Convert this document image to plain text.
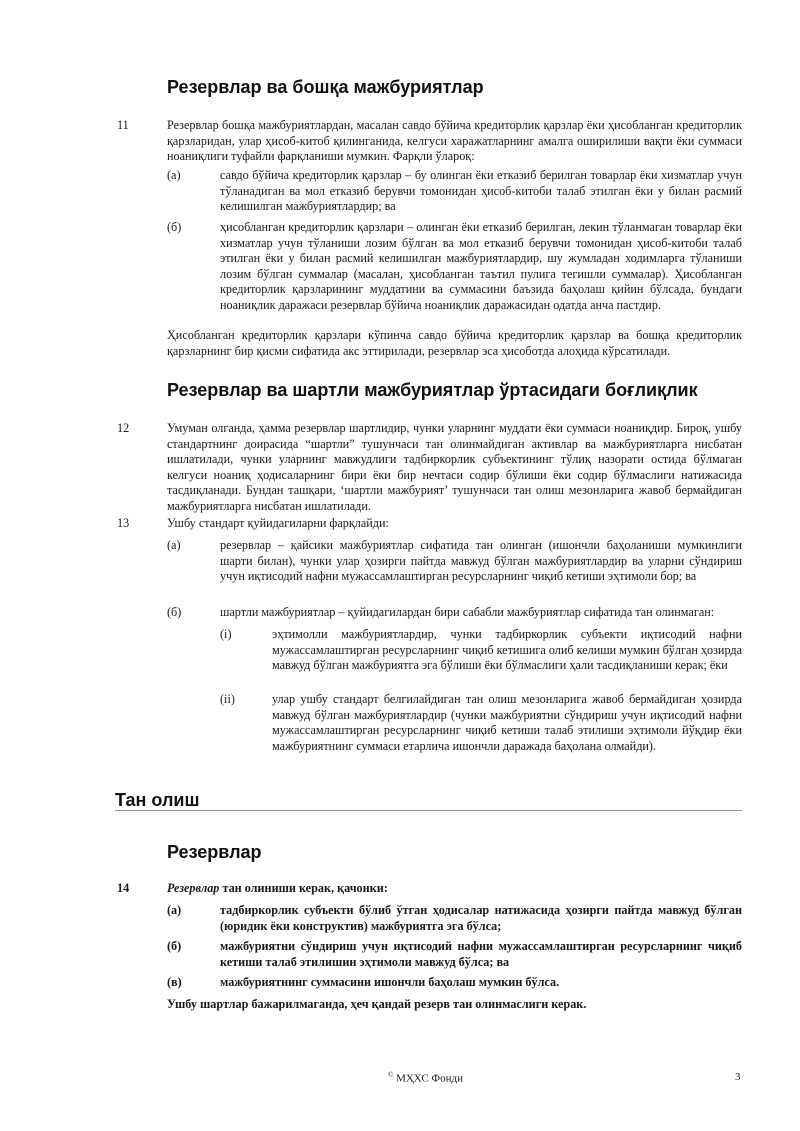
Резервлар ва бошқа мажбуриятлар
11	Резервлар бошқа мажбуриятлардан, масалан савдо бўйича кредиторлик қарзлар ёки ҳисобланган кредиторлик қарзларидан, улар ҳисоб-китоб қилинганида, келгуси харажатларнинг амалга оширилиши вақти ёки суммаси ноаниқлиги туфайли фарқланиши мумкин. Фарқли ўлароқ:
(а)	савдо бўйича кредиторлик қарзлар – бу олинган ёки етказиб берилган товарлар ёки хизматлар учун тўланадиган ва мол етказиб берувчи томонидан ҳисоб-китоби талаб этилган ёки у билан расмий келишилган мажбуриятлардир; ва
(б)	ҳисобланган кредиторлик қарзлари – олинган ёки етказиб берилган, лекин тўланмаган товарлар ёки хизматлар учун тўланиши лозим бўлган ва мол етказиб берувчи томонидан ҳисоб-китоби талаб этилган ёки у билан расмий келишилган мажбуриятлардир, шу жумладан ходимларга тўланиши лозим бўлган суммалар (масалан, ҳисобланган таътил пулига тегишли суммалар). Ҳисобланган кредиторлик қарзларининг муддатини ва суммасини баъзида баҳолаш қийин бўлсада, бундаги ноаниқлик даражаси резервлар бўйича ноаниқлик даражасидан одатда анча пастдир.
Ҳисобланган кредиторлик қарзлари кўпинча савдо бўйича кредиторлик қарзлар ва бошқа кредиторлик қарзларнинг бир қисми сифатида акс эттирилади, резервлар эса ҳисоботда алоҳида кўрсатилади.
Резервлар ва шартли мажбуриятлар ўртасидаги боғлиқлик
12	Умуман олганда, ҳамма резервлар шартлидир, чунки уларнинг муддати ёки суммаси ноаниқдир. Бироқ, ушбу стандартнинг доирасида “шартли” тушунчаси тан олинмайдиган активлар ва мажбуриятларга нисбатан ишлатилади, чунки уларнинг мавжудлиги тадбиркорлик субъектининг тўлиқ назорати остида бўлмаган келгуси ноаниқ ҳодисаларнинг бири ёки бир нечтаси содир бўлиши ёки содир бўлмаслиги натижасида тасдиқланади. Бундан ташқари, ‘шартли мажбурият’ тушунчаси тан олиш мезонларига жавоб бермайдиган мажбуриятларга нисбатан ишлатилади.
13	Ушбу стандарт қуйидагиларни фарқлайди:
(а)	резервлар – қайсики мажбуриятлар сифатида тан олинган (ишончли баҳоланиши мумкинлиги шарти билан), чунки улар ҳозирги пайтда мавжуд бўлган мажбуриятлардир ва уларни сўндириш учун иқтисодий нафни мужассамлаштирган ресурсларнинг чиқиб кетиши эҳтимоли бор; ва
(б)	шартли мажбуриятлар – қуйидагилардан бири сабабли мажбуриятлар сифатида тан олинмаган:
(i)	эҳтимолли мажбуриятлардир, чунки тадбиркорлик субъекти иқтисодий нафни мужассамлаштирган ресурсларнинг чиқиб кетишига олиб келиши мумкин бўлган ҳозирда мавжуд бўлган мажбуриятга эга бўлиши ёки бўлмаслиги ҳали тасдиқланиши керак; ёки
(ii)	улар ушбу стандарт белгилайдиган тан олиш мезонларига жавоб бермайдиган ҳозирда мавжуд бўлган мажбуриятлардир (чунки мажбуриятни сўндириш учун иқтисодий нафни мужассамлаштирган ресурсларнинг чиқиб кетиши талаб этилиши эҳтимоли йўқдир ёки мажбуриятнинг суммаси етарлича ишончли даражада баҳолана олмайди).
Тан олиш
Резервлар
14	Резервлар тан олиниши керак, қачонки:
(а)	тадбиркорлик субъекти бўлиб ўтган ҳодисалар натижасида ҳозирги пайтда мавжуд бўлган (юридик ёки конструктив) мажбуриятга эга бўлса;
(б)	мажбуриятни сўндириш учун иқтисодий нафни мужассамлаштирган ресурсларнинг чиқиб кетиши талаб этилишин эҳтимоли мавжуд бўлса; ва
(в)	мажбуриятнинг суммасини ишончли баҳолаш мумкин бўлса.
Ушбу шартлар бажарилмаганда, ҳеч қандай резерв тан олинмаслиги керак.
© МҲХС Фонди	3
